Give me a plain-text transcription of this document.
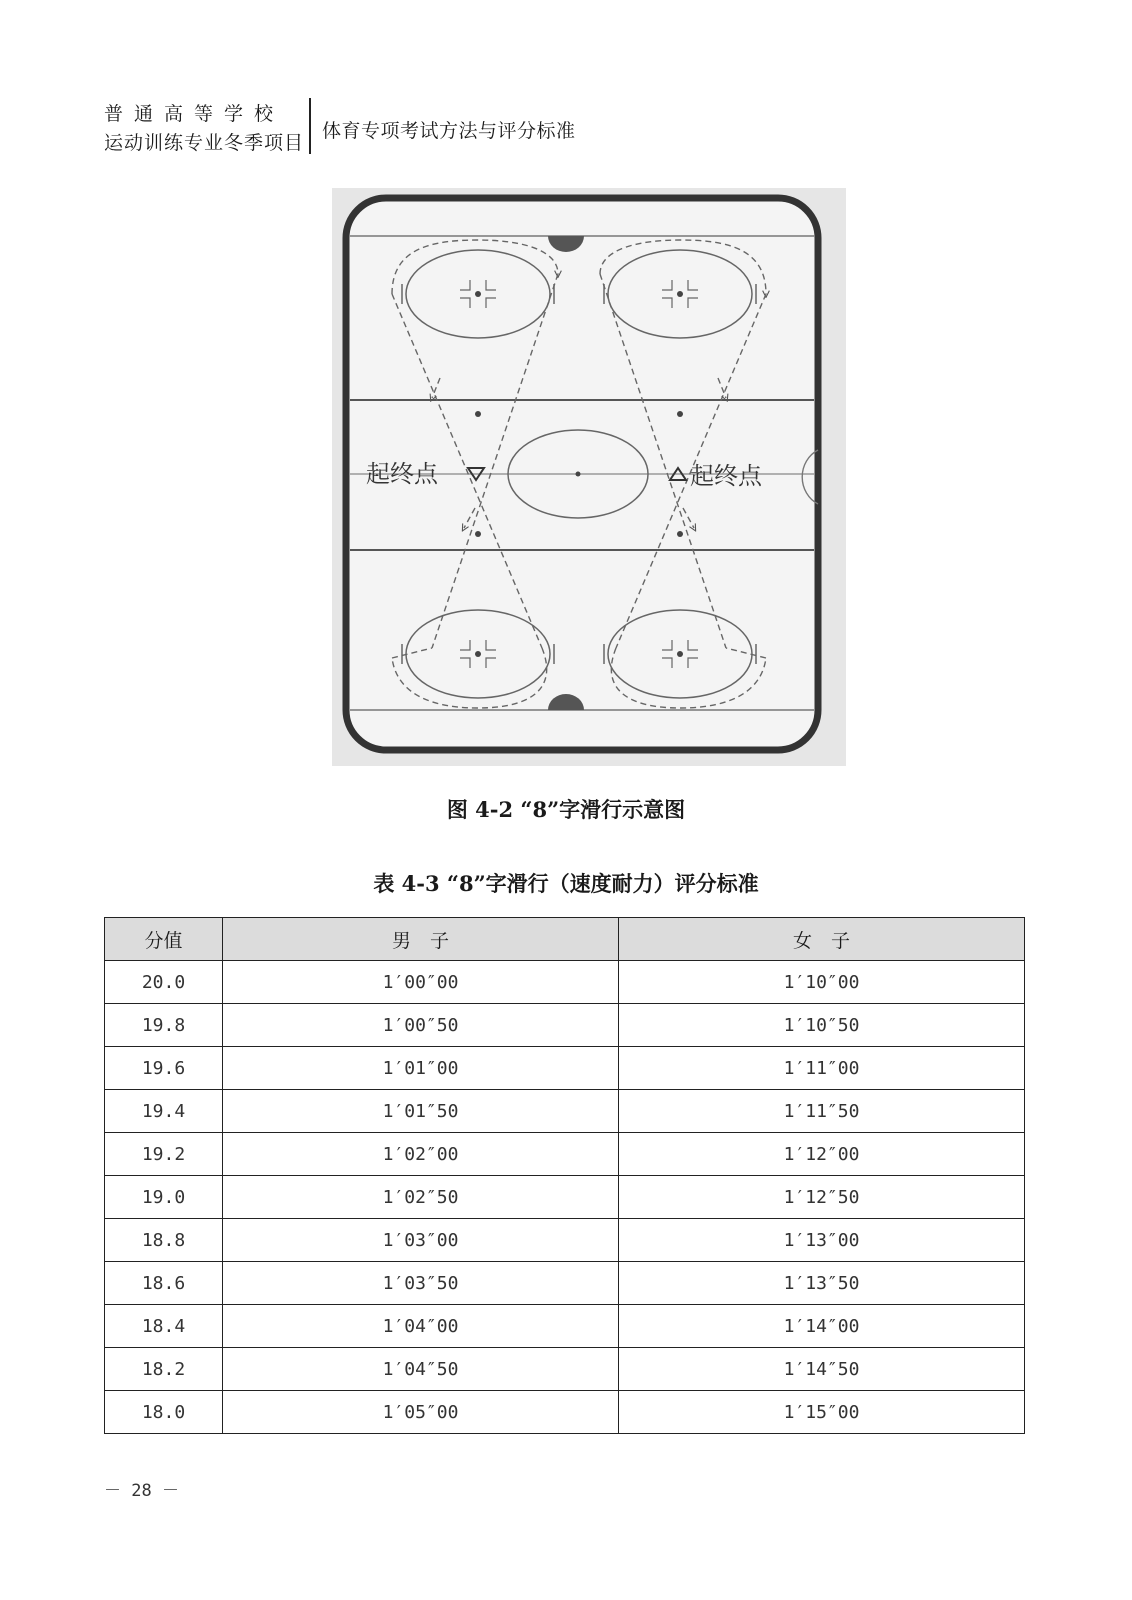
普通高等学校
运动训练专业冬季项目
体育专项考试方法与评分标准
起终点	起终点
图 4-2 “8”字滑行示意图
表 4-3 “8”字滑行（速度耐力）评分标准
分值	男　子	女　子
20.0	1′00″00	1′10″00
19.8	1′00″50	1′10″50
19.6	1′01″00	1′11″00
19.4	1′01″50	1′11″50
19.2	1′02″00	1′12″00
19.0	1′02″50	1′12″50
18.8	1′03″00	1′13″00
18.6	1′03″50	1′13″50
18.4	1′04″00	1′14″00
18.2	1′04″50	1′14″50
18.0	1′05″00	1′15″00
－ 28 －
